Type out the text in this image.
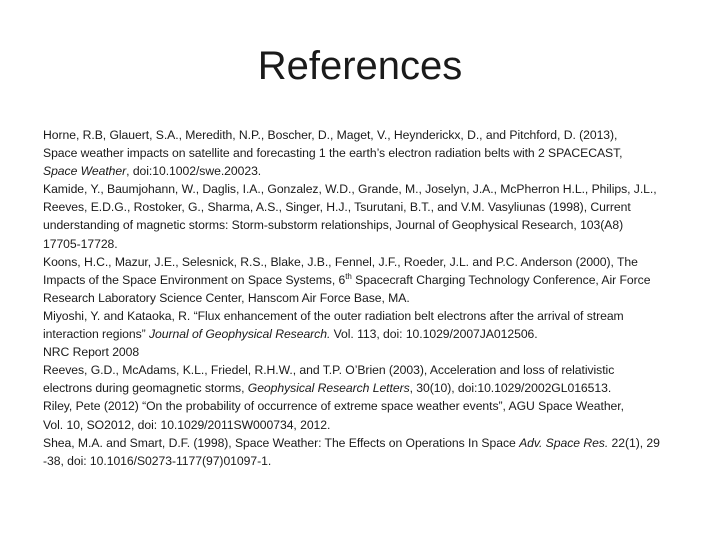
References
Horne, R.B, Glauert, S.A., Meredith, N.P., Boscher, D., Maget, V., Heynderickx, D., and Pitchford, D. (2013),
Space weather impacts on satellite and forecasting 1 the earth’s electron radiation belts with 2 SPACECAST,
Space Weather, doi:10.1002/swe.20023.
Kamide, Y., Baumjohann, W., Daglis, I.A., Gonzalez, W.D., Grande, M., Joselyn, J.A., McPherron H.L., Philips, J.L.,
Reeves, E.D.G., Rostoker, G., Sharma, A.S., Singer, H.J., Tsurutani, B.T., and V.M. Vasyliunas (1998), Current
understanding of magnetic storms: Storm-substorm relationships, Journal of Geophysical Research, 103(A8)
17705-17728.
Koons, H.C., Mazur, J.E., Selesnick, R.S., Blake, J.B., Fennel, J.F., Roeder, J.L. and P.C. Anderson (2000), The
Impacts of the Space Environment on Space Systems, 6th Spacecraft Charging Technology Conference, Air Force
Research Laboratory Science Center, Hanscom Air Force Base, MA.
Miyoshi, Y. and Kataoka, R. “Flux enhancement of the outer radiation belt electrons after the arrival of stream
interaction regions” Journal of Geophysical Research. Vol. 113, doi: 10.1029/2007JA012506.
NRC Report 2008
Reeves, G.D., McAdams, K.L., Friedel, R.H.W., and T.P. O’Brien (2003), Acceleration and loss of relativistic
electrons during geomagnetic storms, Geophysical Research Letters, 30(10), doi:10.1029/2002GL016513.
Riley, Pete (2012) “On the probability of occurrence of extreme space weather events”, AGU Space Weather,
Vol. 10, SO2012, doi: 10.1029/2011SW000734, 2012.
Shea, M.A. and Smart, D.F. (1998), Space Weather: The Effects on Operations In Space Adv. Space Res. 22(1), 29
-38, doi: 10.1016/S0273-1177(97)01097-1.
